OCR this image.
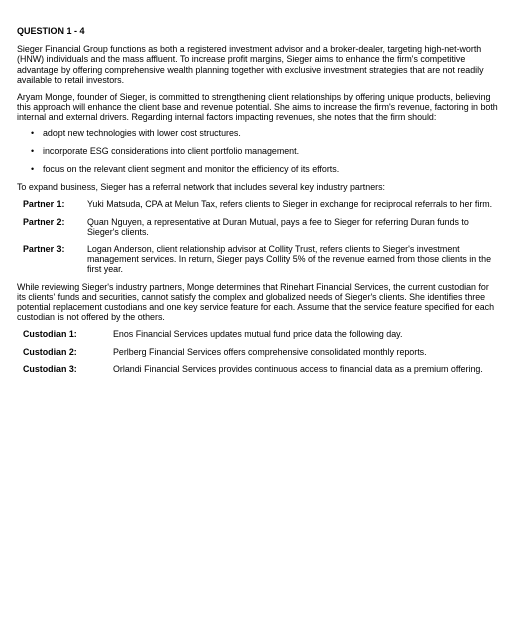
QUESTION 1 - 4

Sieger Financial Group functions as both a registered investment advisor and a broker-dealer, targeting high-net-worth (HNW) individuals and the mass affluent. To increase profit margins, Sieger aims to enhance the firm's competitive advantage by offering comprehensive wealth planning together with exclusive investment strategies that are not readily available to retail investors.

Aryam Monge, founder of Sieger, is committed to strengthening client relationships by offering unique products, believing this approach will enhance the client base and revenue potential. She aims to increase the firm's revenue, factoring in both internal and external drivers. Regarding internal factors impacting revenues, she notes that the firm should:

• adopt new technologies with lower cost structures.
• incorporate ESG considerations into client portfolio management.
• focus on the relevant client segment and monitor the efficiency of its efforts.

To expand business, Sieger has a referral network that includes several key industry partners:

Partner 1:	Yuki Matsuda, CPA at Melun Tax, refers clients to Sieger in exchange for reciprocal referrals to her firm.
Partner 2:	Quan Nguyen, a representative at Duran Mutual, pays a fee to Sieger for referring Duran funds to Sieger's clients.
Partner 3:	Logan Anderson, client relationship advisor at Collity Trust, refers clients to Sieger's investment management services. In return, Sieger pays Collity 5% of the revenue earned from those clients in the first year.

While reviewing Sieger's industry partners, Monge determines that Rinehart Financial Services, the current custodian for its clients' funds and securities, cannot satisfy the complex and globalized needs of Sieger's clients. She identifies three potential replacement custodians and one key service feature for each. Assume that the service feature specified for each custodian is not offered by the others.

Custodian 1:	Enos Financial Services updates mutual fund price data the following day.
Custodian 2:	Perlberg Financial Services offers comprehensive consolidated monthly reports.
Custodian 3:	Orlandi Financial Services provides continuous access to financial data as a premium offering.
